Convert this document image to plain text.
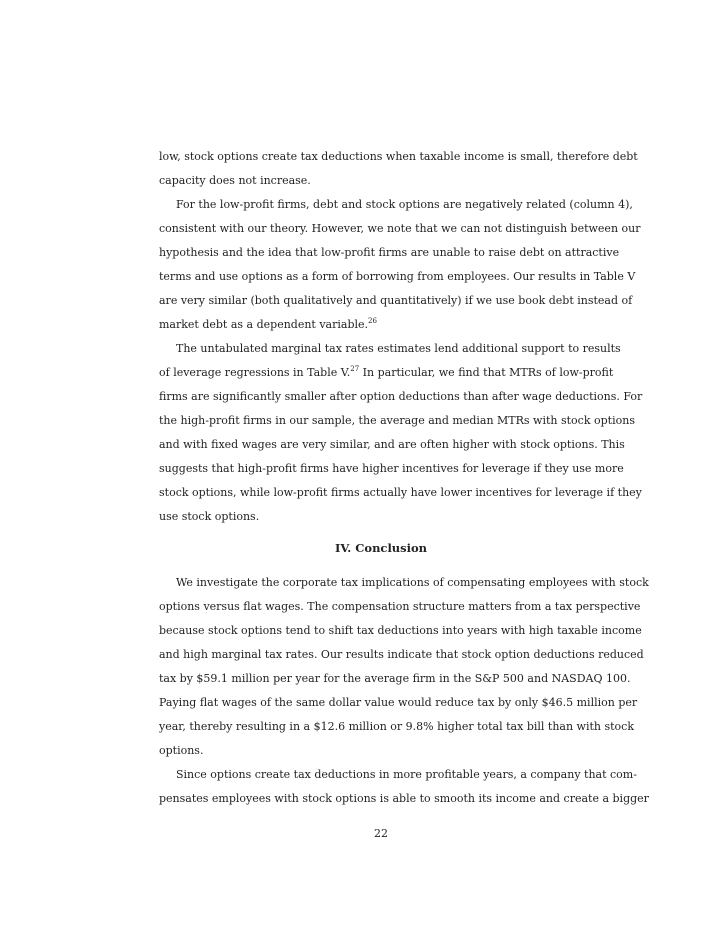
low, stock options create tax deductions when taxable income is small, therefore debt
capacity does not increase.
For the low-profit firms, debt and stock options are negatively related (column 4),
consistent with our theory. However, we note that we can not distinguish between our
hypothesis and the idea that low-profit firms are unable to raise debt on attractive
terms and use options as a form of borrowing from employees. Our results in Table V
are very similar (both qualitatively and quantitatively) if we use book debt instead of
market debt as a dependent variable.$^{26}$
The untabulated marginal tax rates estimates lend additional support to results
of leverage regressions in Table V.$^{27}$ In particular, we find that MTRs of low-profit
firms are significantly smaller after option deductions than after wage deductions. For
the high-profit firms in our sample, the average and median MTRs with stock options
and with fixed wages are very similar, and are often higher with stock options. This
suggests that high-profit firms have higher incentives for leverage if they use more
stock options, while low-profit firms actually have lower incentives for leverage if they
use stock options.
IV. Conclusion
We investigate the corporate tax implications of compensating employees with stock
options versus flat wages. The compensation structure matters from a tax perspective
because stock options tend to shift tax deductions into years with high taxable income
and high marginal tax rates. Our results indicate that stock option deductions reduced
tax by $59.1 million per year for the average firm in the S&P 500 and NASDAQ 100.
Paying flat wages of the same dollar value would reduce tax by only $46.5 million per
year, thereby resulting in a $12.6 million or 9.8% higher total tax bill than with stock
options.
Since options create tax deductions in more profitable years, a company that com-
pensates employees with stock options is able to smooth its income and create a bigger
22
